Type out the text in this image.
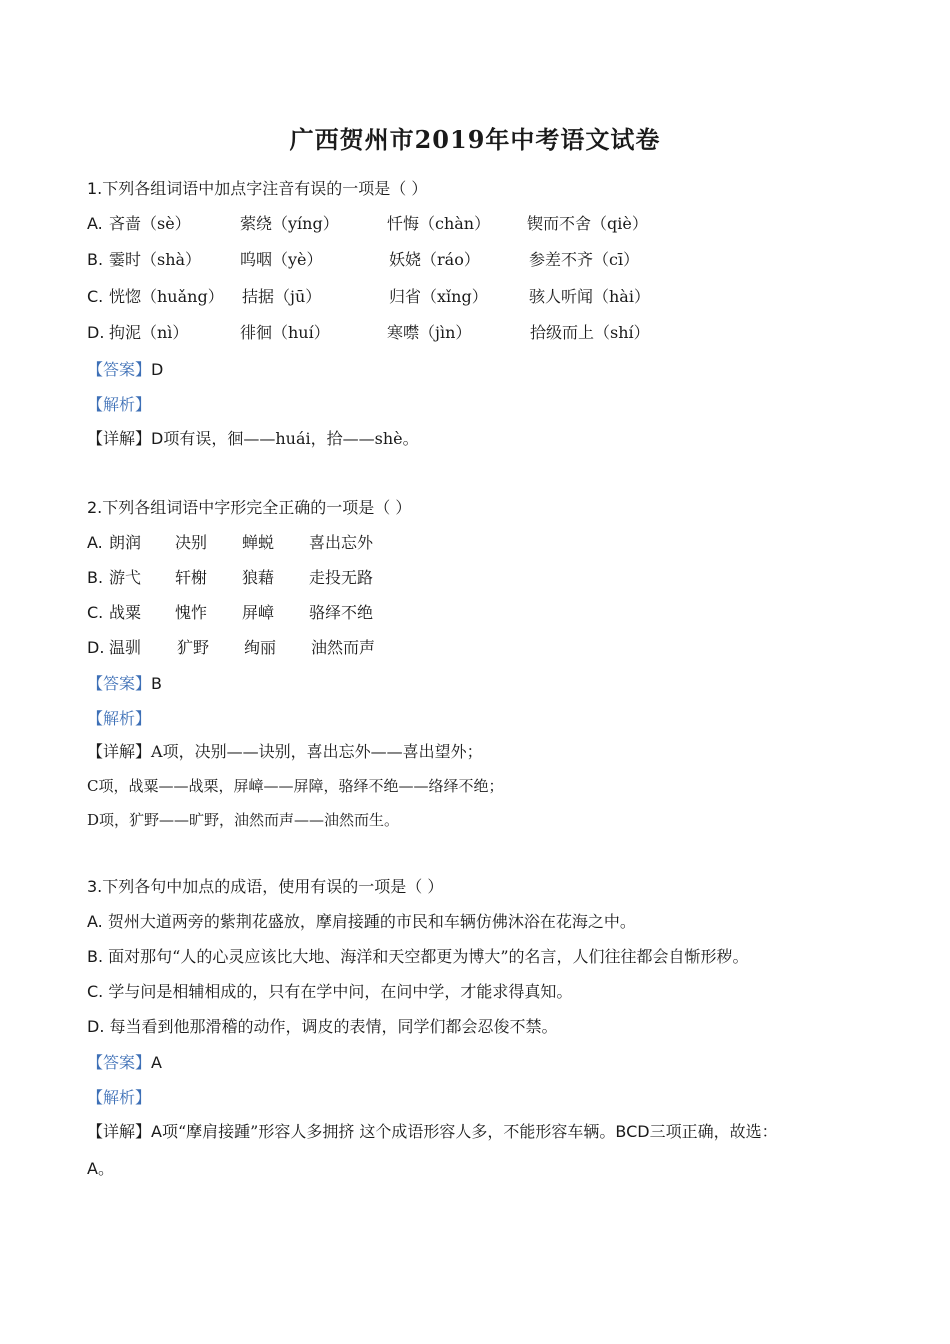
广西贺州市2019年中考语文试卷
1.下列各组词语中加点字注音有误的一项是（ ）
A. 吝啬（sè）	萦绕（yíng）	忏悔（chàn） 锲而不舍（qiè）
B. 霎时（shà） 呜咽（yè）	妖娆（ráo）	参差不齐（cī）
C. 恍惚（huǎng） 拮据（jū）	归省（xǐng）	骇人听闻（hài）
D. 拘泥（nì）	徘徊（huí）	寒噤（jìn）	拾级而上（shí）
【答案】D
【解析】
【详解】D项有误，徊——huái，拾——shè。
2.下列各组词语中字形完全正确的一项是（ ）
A. 朗润 决别 蝉蜕 喜出忘外
B. 游弋 轩榭 狼藉 走投无路
C. 战粟 愧怍 屏嶂 骆绎不绝
D. 温驯 犷野 绚丽 油然而声
【答案】B
【解析】
【详解】A项，决别——诀别，喜出忘外——喜出望外；
C项，战粟——战栗，屏嶂——屏障，骆绎不绝——络绎不绝；
D项，犷野——旷野，油然而声——油然而生。
3.下列各句中加点的成语，使用有误的一项是（ ）
A. 贺州大道两旁的紫荆花盛放，摩肩接踵的市民和车辆仿佛沐浴在花海之中。
B. 面对那句“人的心灵应该比大地、海洋和天空都更为博大”的名言，人们往往都会自惭形秽。
C. 学与问是相辅相成的，只有在学中问，在问中学，才能求得真知。
D. 每当看到他那滑稽的动作，调皮的表情，同学们都会忍俊不禁。
【答案】A
【解析】
【详解】A项“摩肩接踵”形容人多拥挤 这个成语形容人多，不能形容车辆。BCD三项正确，故选：
A。
